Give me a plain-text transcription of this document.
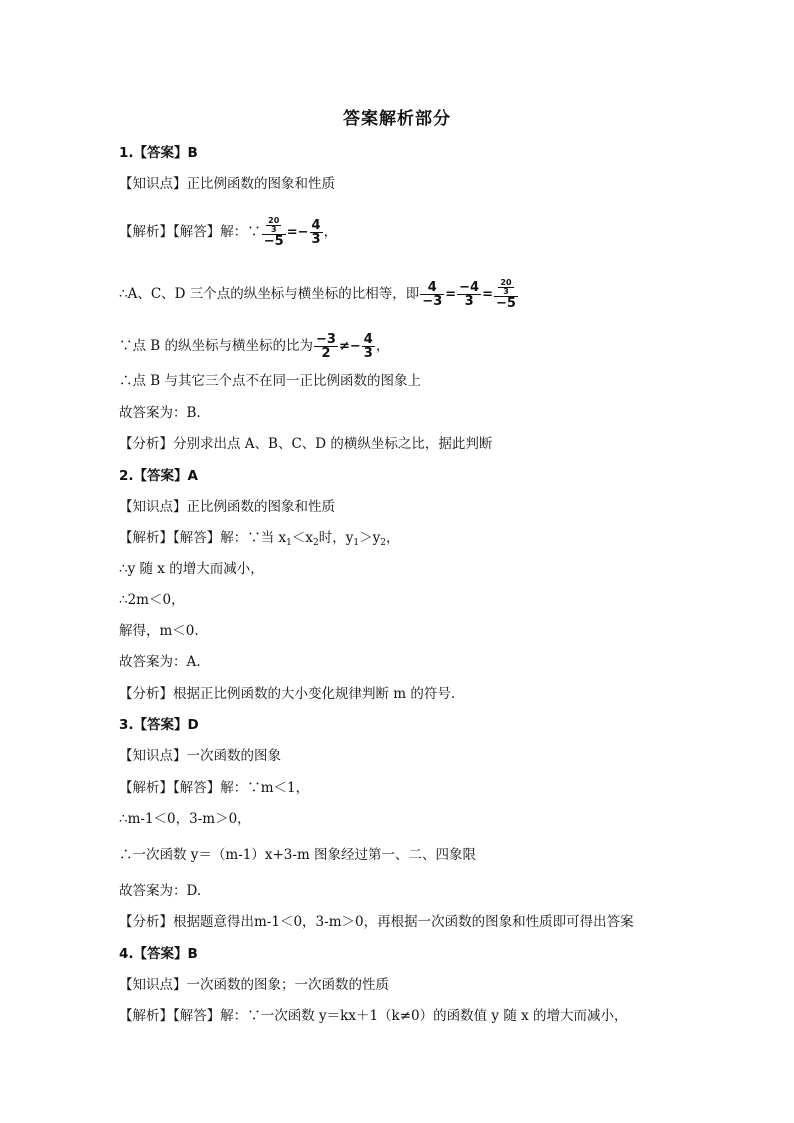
答案解析部分
1.【答案】B
【知识点】正比例函数的图象和性质
【解析】【解答】解：∵ $\frac{\frac{20}{3}}{-5} =- \frac{4}{3}$ ，
∴A、C、D 三个点的纵坐标与横坐标的比相等，即 $\frac{4}{-3} = \frac{-4}{3} = \frac{\frac{20}{3}}{-5}$
∵点 B 的纵坐标与横坐标的比为 $\frac{-3}{2} \ne- \frac{4}{3}$ ，
∴点 B 与其它三个点不在同一正比例函数的图象上
故答案为：B.
【分析】分别求出点 A、B、C、D 的横纵坐标之比，据此判断
2.【答案】A
【知识点】正比例函数的图象和性质
【解析】【解答】解：∵当 $x_1<x_2$时，$y_1>y_2$，
∴y 随 x 的增大而减小，
∴2m＜0，
解得，m＜0.
故答案为：A.
【分析】根据正比例函数的大小变化规律判断 m 的符号.
3.【答案】D
【知识点】一次函数的图象
【解析】【解答】解：∵m＜1，
∴m-1＜0，3-m＞0，
∴一次函数 y＝（m-1）x+3-m 图象经过第一、二、四象限
故答案为：D.
【分析】根据题意得出m-1＜0，3-m＞0，再根据一次函数的图象和性质即可得出答案
4.【答案】B
【知识点】一次函数的图象；一次函数的性质
【解析】【解答】解：∵一次函数 y＝kx＋1（k≠0）的函数值 y 随 x 的增大而减小，
